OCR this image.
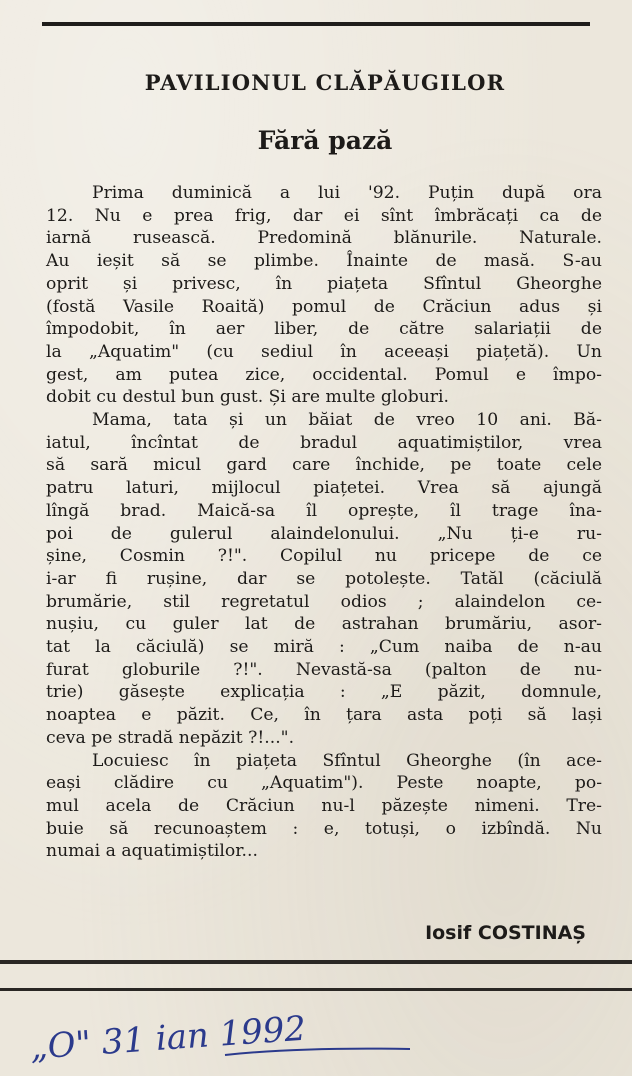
PAVILIONUL CLĂPĂUGILOR
Fără pază
Prima duminică a lui '92. Puțin după ora
12. Nu e prea frig, dar ei sînt îmbrăcați ca de
iarnă rusească. Predomină blănurile. Naturale.
Au ieșit să se plimbe. Înainte de masă. S-au
oprit și privesc, în piațeta Sfîntul Gheorghe
(fostă Vasile Roaită) pomul de Crăciun adus și
împodobit, în aer liber, de către salariații de
la „Aquatim" (cu sediul în aceeași piațetă). Un
gest, am putea zice, occidental. Pomul e împo-
dobit cu destul bun gust. Și are multe globuri.
Mama, tata și un băiat de vreo 10 ani. Bă-
iatul, încîntat de bradul aquatimiștilor, vrea
să sară micul gard care închide, pe toate cele
patru laturi, mijlocul piațetei. Vrea să ajungă
lîngă brad. Maică-sa îl oprește, îl trage îna-
poi de gulerul alaindelonului. „Nu ți-e ru-
șine, Cosmin ?!". Copilul nu pricepe de ce
i-ar fi rușine, dar se potolește. Tatăl (căciulă
brumărie, stil regretatul odios ; alaindelon ce-
nușiu, cu guler lat de astrahan brumăriu, asor-
tat la căciulă) se miră : „Cum naiba de n-au
furat globurile ?!". Nevastă-sa (palton de nu-
trie) găsește explicația : „E păzit, domnule,
noaptea e păzit. Ce, în țara asta poți să lași
ceva pe stradă nepăzit ?!...".
Locuiesc în piațeta Sfîntul Gheorghe (în ace-
eași clădire cu „Aquatim"). Peste noapte, po-
mul acela de Crăciun nu-l păzește nimeni. Tre-
buie să recunoaștem : e, totuși, o izbîndă. Nu
numai a aquatimiștilor...
Iosif COSTINAȘ
„O" 31 ian 1992
